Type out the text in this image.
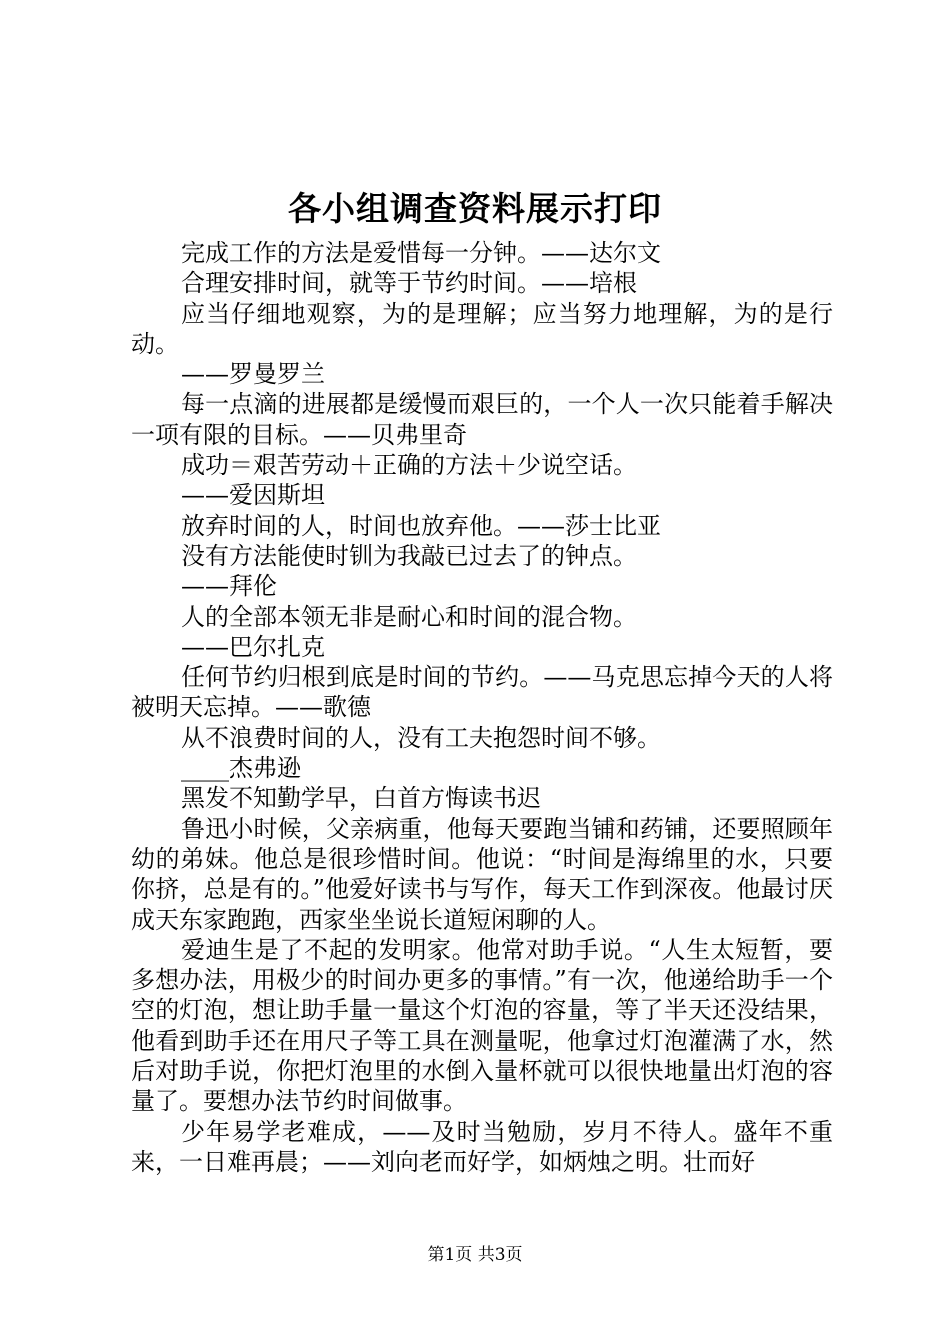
各小组调查资料展示打印

完成工作的方法是爱惜每一分钟。——达尔文

合理安排时间，就等于节约时间。——培根

应当仔细地观察，为的是理解；应当努力地理解，为的是行动。

——罗曼罗兰

每一点滴的进展都是缓慢而艰巨的，一个人一次只能着手解决一项有限的目标。——贝弗里奇

成功＝艰苦劳动＋正确的方法＋少说空话。

——爱因斯坦

放弃时间的人，时间也放弃他。——莎士比亚

没有方法能使时钏为我敲已过去了的钟点。

——拜伦

人的全部本领无非是耐心和时间的混合物。

——巴尔扎克

任何节约归根到底是时间的节约。——马克思忘掉今天的人将被明天忘掉。——歌德

从不浪费时间的人，没有工夫抱怨时间不够。

____杰弗逊

黑发不知勤学早，白首方悔读书迟

鲁迅小时候，父亲病重，他每天要跑当铺和药铺，还要照顾年幼的弟妹。他总是很珍惜时间。他说：“时间是海绵里的水，只要你挤，总是有的。”他爱好读书与写作，每天工作到深夜。他最讨厌成天东家跑跑，西家坐坐说长道短闲聊的人。

爱迪生是了不起的发明家。他常对助手说。“人生太短暂，要多想办法，用极少的时间办更多的事情。”有一次，他递给助手一个空的灯泡，想让助手量一量这个灯泡的容量，等了半天还没结果，他看到助手还在用尺子等工具在测量呢，他拿过灯泡灌满了水，然后对助手说，你把灯泡里的水倒入量杯就可以很快地量出灯泡的容量了。要想办法节约时间做事。

少年易学老难成，——及时当勉励，岁月不待人。盛年不重来，一日难再晨；——刘向老而好学，如炳烛之明。壮而好

第1页 共3页
